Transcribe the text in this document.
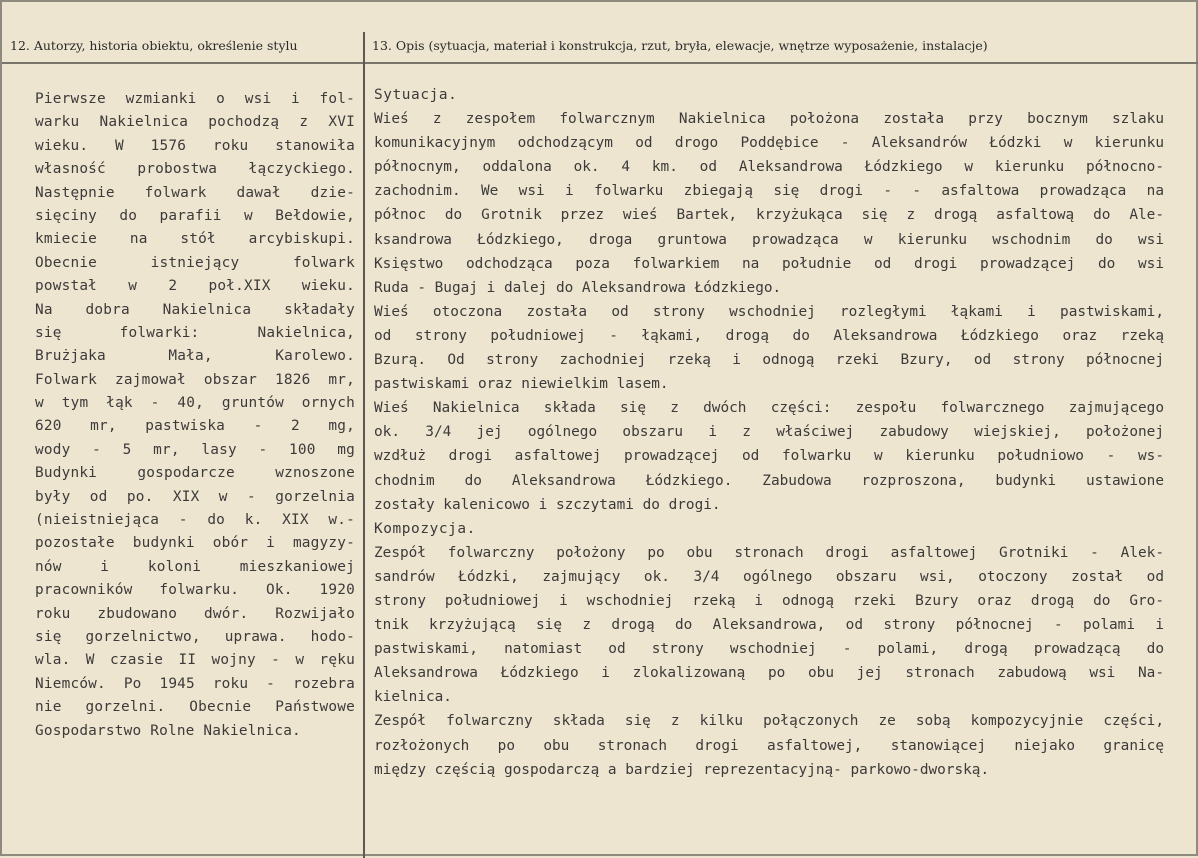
12. Autorzy, historia obiektu, określenie stylu	13. Opis (sytuacja, materiał i konstrukcja, rzut, bryła, elewacje, wnętrze wyposażenie, instalacje)
Pierwsze wzmianki o wsi i fol-
warku Nakielnica pochodzą z XVI
wieku. W 1576 roku stanowiła
własność probostwa łączyckiego.
Następnie folwark dawał dzie-
sięciny do parafii w Bełdowie,
kmiecie na stół arcybiskupi.
Obecnie istniejący folwark
powstał w 2 poł.XIX wieku.
Na dobra Nakielnica składały
się folwarki: Nakielnica,
Brużjaka Mała, Karolewo.
Folwark zajmował obszar 1826 mr,
w tym łąk - 40, gruntów ornych
620 mr, pastwiska - 2 mg,
wody - 5 mr, lasy - 100 mg
Budynki gospodarcze wznoszone
były od po. XIX w - gorzelnia
(nieistniejąca - do k. XIX w.-
pozostałe budynki obór i magyzy-
nów i koloni mieszkaniowej
pracowników folwarku. Ok. 1920
roku zbudowano dwór. Rozwijało
się gorzelnictwo, uprawa. hodo-
wla. W czasie II wojny - w ręku
Niemców. Po 1945 roku - rozebra
nie gorzelni. Obecnie Państwowe
Gospodarstwo Rolne Nakielnica.
Sytuacja.
Wieś z zespołem folwarcznym Nakielnica położona została przy bocznym szlaku
komunikacyjnym odchodzącym od drogo Poddębice - Aleksandrów Łódzki w kierunku
północnym, oddalona ok. 4 km. od Aleksandrowa Łódzkiego w kierunku północno-
zachodnim. We wsi i folwarku zbiegają się drogi - - asfaltowa prowadząca na
północ do Grotnik przez wieś Bartek, krzyżukąca się z drogą asfaltową do Ale-
ksandrowa Łódzkiego, droga gruntowa prowadząca w kierunku wschodnim do wsi
Księstwo odchodząca poza folwarkiem na południe od drogi prowadzącej do wsi
Ruda - Bugaj i dalej do Aleksandrowa Łódzkiego.
Wieś otoczona została od strony wschodniej rozległymi łąkami i pastwiskami,
od strony południowej - łąkami, drogą do Aleksandrowa Łódzkiego oraz rzeką
Bzurą. Od strony zachodniej rzeką i odnogą rzeki Bzury, od strony północnej
pastwiskami oraz niewielkim lasem.
Wieś Nakielnica składa się z dwóch części: zespołu folwarcznego zajmującego
ok. 3/4 jej ogólnego obszaru i z właściwej zabudowy wiejskiej, położonej
wzdłuż drogi asfaltowej prowadzącej od folwarku w kierunku południowo - ws-
chodnim do Aleksandrowa Łódzkiego. Zabudowa rozproszona, budynki ustawione
zostały kalenicowo i szczytami do drogi.
Kompozycja.
Zespół folwarczny położony po obu stronach drogi asfaltowej Grotniki - Alek-
sandrów Łódzki, zajmujący ok. 3/4 ogólnego obszaru wsi, otoczony został od
strony południowej i wschodniej rzeką i odnogą rzeki Bzury oraz drogą do Gro-
tnik krzyżującą się z drogą do Aleksandrowa, od strony północnej - polami i
pastwiskami, natomiast od strony wschodniej - polami, drogą prowadzącą do
Aleksandrowa Łódzkiego i zlokalizowaną po obu jej stronach zabudową wsi Na-
kielnica.
Zespół folwarczny składa się z kilku połączonych ze sobą kompozycyjnie części,
rozłożonych po obu stronach drogi asfaltowej, stanowiącej niejako granicę
między częścią gospodarczą a bardziej reprezentacyjną- parkowo-dworską.
